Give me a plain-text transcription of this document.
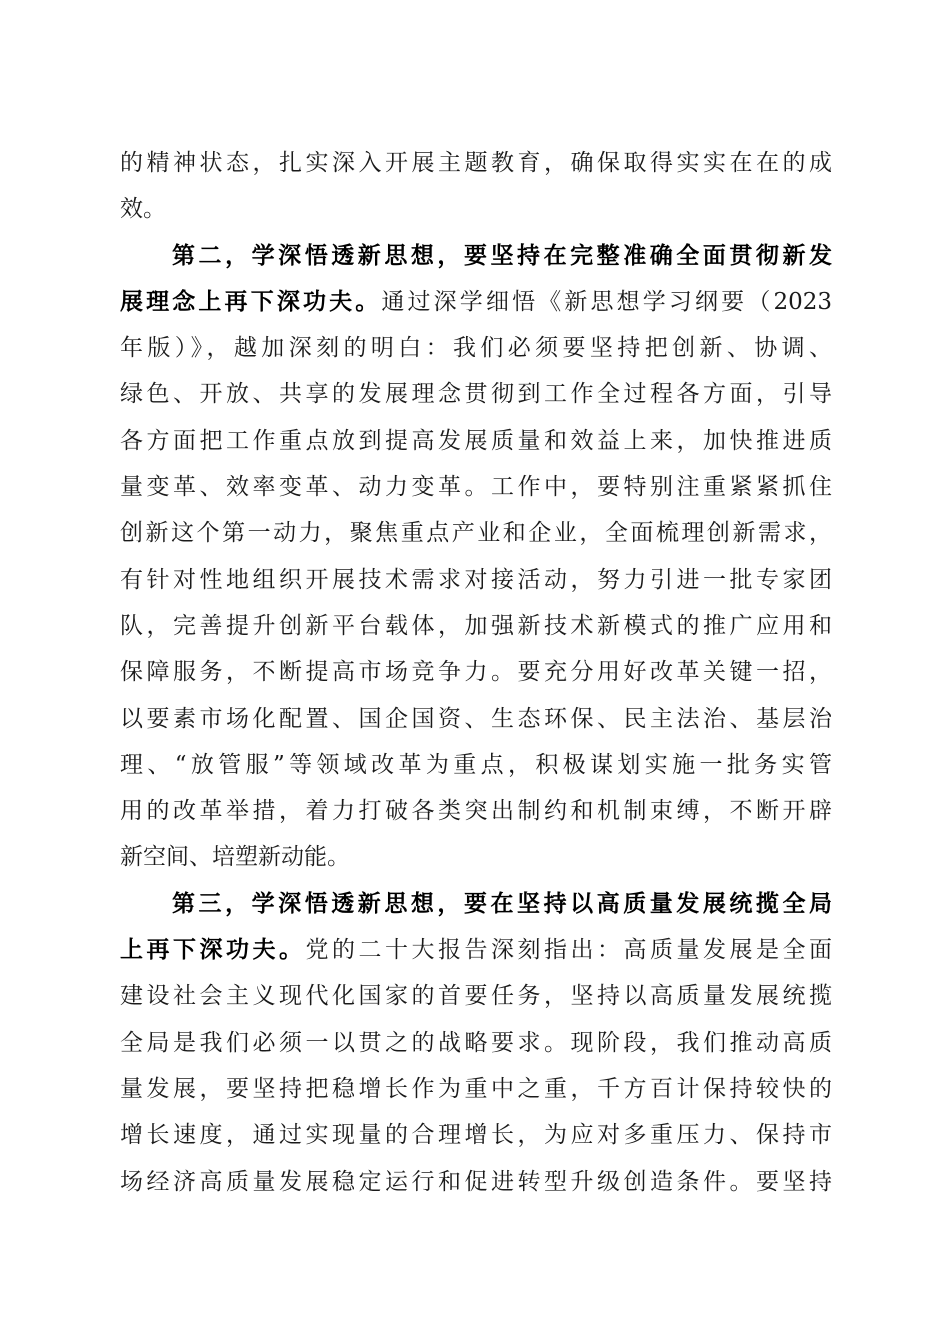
的精神状态，扎实深入开展主题教育，确保取得实实在在的成
效。
第二，学深悟透新思想，要坚持在完整准确全面贯彻新发
展理念上再下深功夫。通过深学细悟《新思想学习纲要（2023
年版）》，越加深刻的明白：我们必须要坚持把创新、协调、
绿色、开放、共享的发展理念贯彻到工作全过程各方面，引导
各方面把工作重点放到提高发展质量和效益上来，加快推进质
量变革、效率变革、动力变革。工作中，要特别注重紧紧抓住
创新这个第一动力，聚焦重点产业和企业，全面梳理创新需求，
有针对性地组织开展技术需求对接活动，努力引进一批专家团
队，完善提升创新平台载体，加强新技术新模式的推广应用和
保障服务，不断提高市场竞争力。要充分用好改革关键一招，
以要素市场化配置、国企国资、生态环保、民主法治、基层治
理、“放管服”等领域改革为重点，积极谋划实施一批务实管
用的改革举措，着力打破各类突出制约和机制束缚，不断开辟
新空间、培塑新动能。
第三，学深悟透新思想，要在坚持以高质量发展统揽全局
上再下深功夫。党的二十大报告深刻指出：高质量发展是全面
建设社会主义现代化国家的首要任务，坚持以高质量发展统揽
全局是我们必须一以贯之的战略要求。现阶段，我们推动高质
量发展，要坚持把稳增长作为重中之重，千方百计保持较快的
增长速度，通过实现量的合理增长，为应对多重压力、保持市
场经济高质量发展稳定运行和促进转型升级创造条件。要坚持
